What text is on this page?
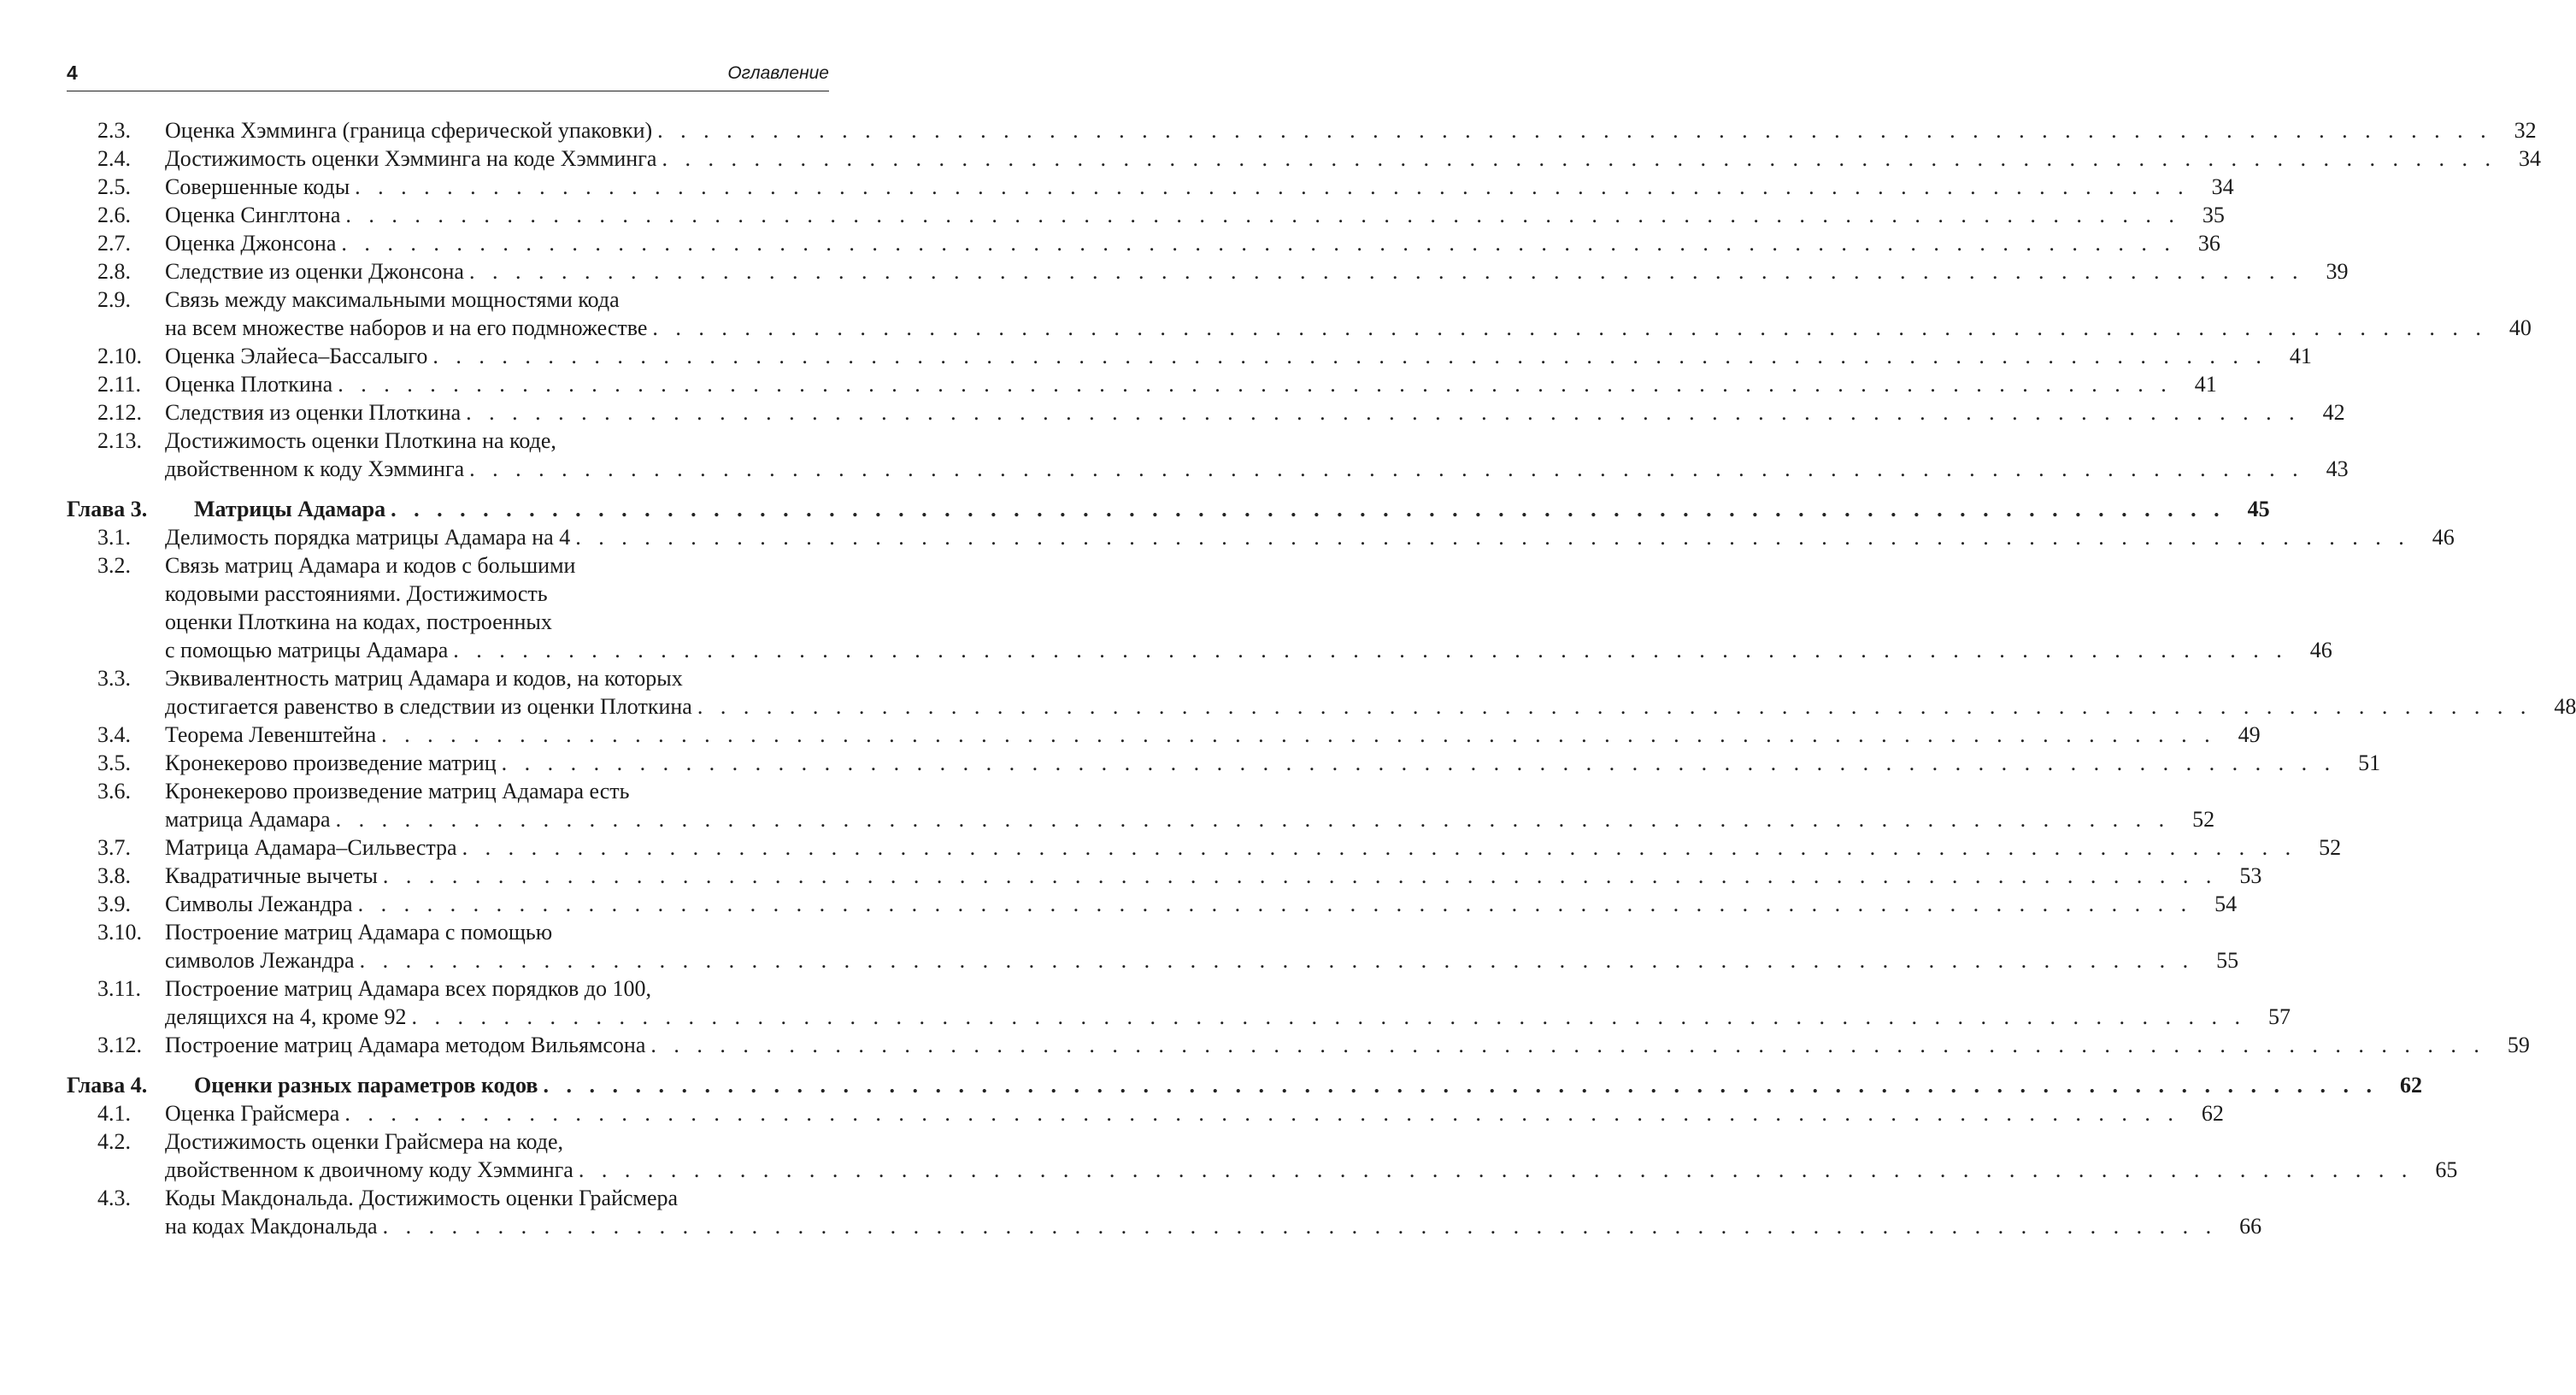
4	Оглавление
2.3. Оценка Хэмминга (граница сферической упаковки) . . . . . . . . . . . . . . . . . . . . . . . . . . . . . . . . . . . . . . . . . . . . . . . . . . . . . . . . . . . . . . . . . . . . . . . . . . . . . . . .	32
2.4. Достижимость оценки Хэмминга на коде Хэмминга . . . . . . . . . . . . . . . . . . . . . . . . . . . . . . . . . . . . . . . . . . . . . . . . . . . . . . . . . . . . . . . . . . . . . . . . . . . . . . . .	34
2.5. Совершенные коды . . . . . . . . . . . . . . . . . . . . . . . . . . . . . . . . . . . . . . . . . . . . . . . . . . . . . . . . . . . . . . . . . . . . . . . . . . . . . . . .	34
2.6. Оценка Синглтона . . . . . . . . . . . . . . . . . . . . . . . . . . . . . . . . . . . . . . . . . . . . . . . . . . . . . . . . . . . . . . . . . . . . . . . . . . . . . . . .	35
2.7. Оценка Джонсона . . . . . . . . . . . . . . . . . . . . . . . . . . . . . . . . . . . . . . . . . . . . . . . . . . . . . . . . . . . . . . . . . . . . . . . . . . . . . . . .	36
2.8. Следствие из оценки Джонсона . . . . . . . . . . . . . . . . . . . . . . . . . . . . . . . . . . . . . . . . . . . . . . . . . . . . . . . . . . . . . . . . . . . . . . . . . . . . . . . .	39
2.9. Связь между максимальными мощностями кода
на всем множестве наборов и на его подмножестве . . . . . . . . . . . . . . . . . . . . . . . . . . . . . . . . . . . . . . . . . . . . . . . . . . . . . . . . . . . . . . . . . . . . . . . . . . . . . . . .	40
2.10. Оценка Элайеса–Бассалыго . . . . . . . . . . . . . . . . . . . . . . . . . . . . . . . . . . . . . . . . . . . . . . . . . . . . . . . . . . . . . . . . . . . . . . . . . . . . . . . .	41
2.11. Оценка Плоткина . . . . . . . . . . . . . . . . . . . . . . . . . . . . . . . . . . . . . . . . . . . . . . . . . . . . . . . . . . . . . . . . . . . . . . . . . . . . . . . .	41
2.12. Следствия из оценки Плоткина . . . . . . . . . . . . . . . . . . . . . . . . . . . . . . . . . . . . . . . . . . . . . . . . . . . . . . . . . . . . . . . . . . . . . . . . . . . . . . . .	42
2.13. Достижимость оценки Плоткина на коде,
двойственном к коду Хэмминга . . . . . . . . . . . . . . . . . . . . . . . . . . . . . . . . . . . . . . . . . . . . . . . . . . . . . . . . . . . . . . . . . . . . . . . . . . . . . . . .	43
Глава 3. Матрицы Адамара . . . . . . . . . . . . . . . . . . . . . . . . . . . . . . . . . . . . . . . . . . . . . . . . . . . . . . . . . . . . . . . . . . . . . . . . . . . . . . . .	45
3.1. Делимость порядка матрицы Адамара на 4 . . . . . . . . . . . . . . . . . . . . . . . . . . . . . . . . . . . . . . . . . . . . . . . . . . . . . . . . . . . . . . . . . . . . . . . . . . . . . . . .	46
3.2. Связь матриц Адамара и кодов с большими
кодовыми расстояниями. Достижимость
оценки Плоткина на кодах, построенных
с помощью матрицы Адамара . . . . . . . . . . . . . . . . . . . . . . . . . . . . . . . . . . . . . . . . . . . . . . . . . . . . . . . . . . . . . . . . . . . . . . . . . . . . . . . .	46
3.3. Эквивалентность матриц Адамара и кодов, на которых
достигается равенство в следствии из оценки Плоткина . . . . . . . . . . . . . . . . . . . . . . . . . . . . . . . . . . . . . . . . . . . . . . . . . . . . . . . . . . . . . . . . . . . . . . . . . . . . . . . .	48
3.4. Теорема Левенштейна . . . . . . . . . . . . . . . . . . . . . . . . . . . . . . . . . . . . . . . . . . . . . . . . . . . . . . . . . . . . . . . . . . . . . . . . . . . . . . . .	49
3.5. Кронекерово произведение матриц . . . . . . . . . . . . . . . . . . . . . . . . . . . . . . . . . . . . . . . . . . . . . . . . . . . . . . . . . . . . . . . . . . . . . . . . . . . . . . . .	51
3.6. Кронекерово произведение матриц Адамара есть
матрица Адамара . . . . . . . . . . . . . . . . . . . . . . . . . . . . . . . . . . . . . . . . . . . . . . . . . . . . . . . . . . . . . . . . . . . . . . . . . . . . . . . .	52
3.7. Матрица Адамара–Сильвестра . . . . . . . . . . . . . . . . . . . . . . . . . . . . . . . . . . . . . . . . . . . . . . . . . . . . . . . . . . . . . . . . . . . . . . . . . . . . . . . .	52
3.8. Квадратичные вычеты . . . . . . . . . . . . . . . . . . . . . . . . . . . . . . . . . . . . . . . . . . . . . . . . . . . . . . . . . . . . . . . . . . . . . . . . . . . . . . . .	53
3.9. Символы Лежандра . . . . . . . . . . . . . . . . . . . . . . . . . . . . . . . . . . . . . . . . . . . . . . . . . . . . . . . . . . . . . . . . . . . . . . . . . . . . . . . .	54
3.10. Построение матриц Адамара с помощью
символов Лежандра . . . . . . . . . . . . . . . . . . . . . . . . . . . . . . . . . . . . . . . . . . . . . . . . . . . . . . . . . . . . . . . . . . . . . . . . . . . . . . . .	55
3.11. Построение матриц Адамара всех порядков до 100,
делящихся на 4, кроме 92 . . . . . . . . . . . . . . . . . . . . . . . . . . . . . . . . . . . . . . . . . . . . . . . . . . . . . . . . . . . . . . . . . . . . . . . . . . . . . . . .	57
3.12. Построение матриц Адамара методом Вильямсона . . . . . . . . . . . . . . . . . . . . . . . . . . . . . . . . . . . . . . . . . . . . . . . . . . . . . . . . . . . . . . . . . . . . . . . . . . . . . . . .	59
Глава 4. Оценки разных параметров кодов . . . . . . . . . . . . . . . . . . . . . . . . . . . . . . . . . . . . . . . . . . . . . . . . . . . . . . . . . . . . . . . . . . . . . . . . . . . . . . . .	62
4.1. Оценка Грайсмера . . . . . . . . . . . . . . . . . . . . . . . . . . . . . . . . . . . . . . . . . . . . . . . . . . . . . . . . . . . . . . . . . . . . . . . . . . . . . . . .	62
4.2. Достижимость оценки Грайсмера на коде,
двойственном к двоичному коду Хэмминга . . . . . . . . . . . . . . . . . . . . . . . . . . . . . . . . . . . . . . . . . . . . . . . . . . . . . . . . . . . . . . . . . . . . . . . . . . . . . . . .	65
4.3. Коды Макдональда. Достижимость оценки Грайсмера
на кодах Макдональда . . . . . . . . . . . . . . . . . . . . . . . . . . . . . . . . . . . . . . . . . . . . . . . . . . . . . . . . . . . . . . . . . . . . . . . . . . . . . . . .	66
